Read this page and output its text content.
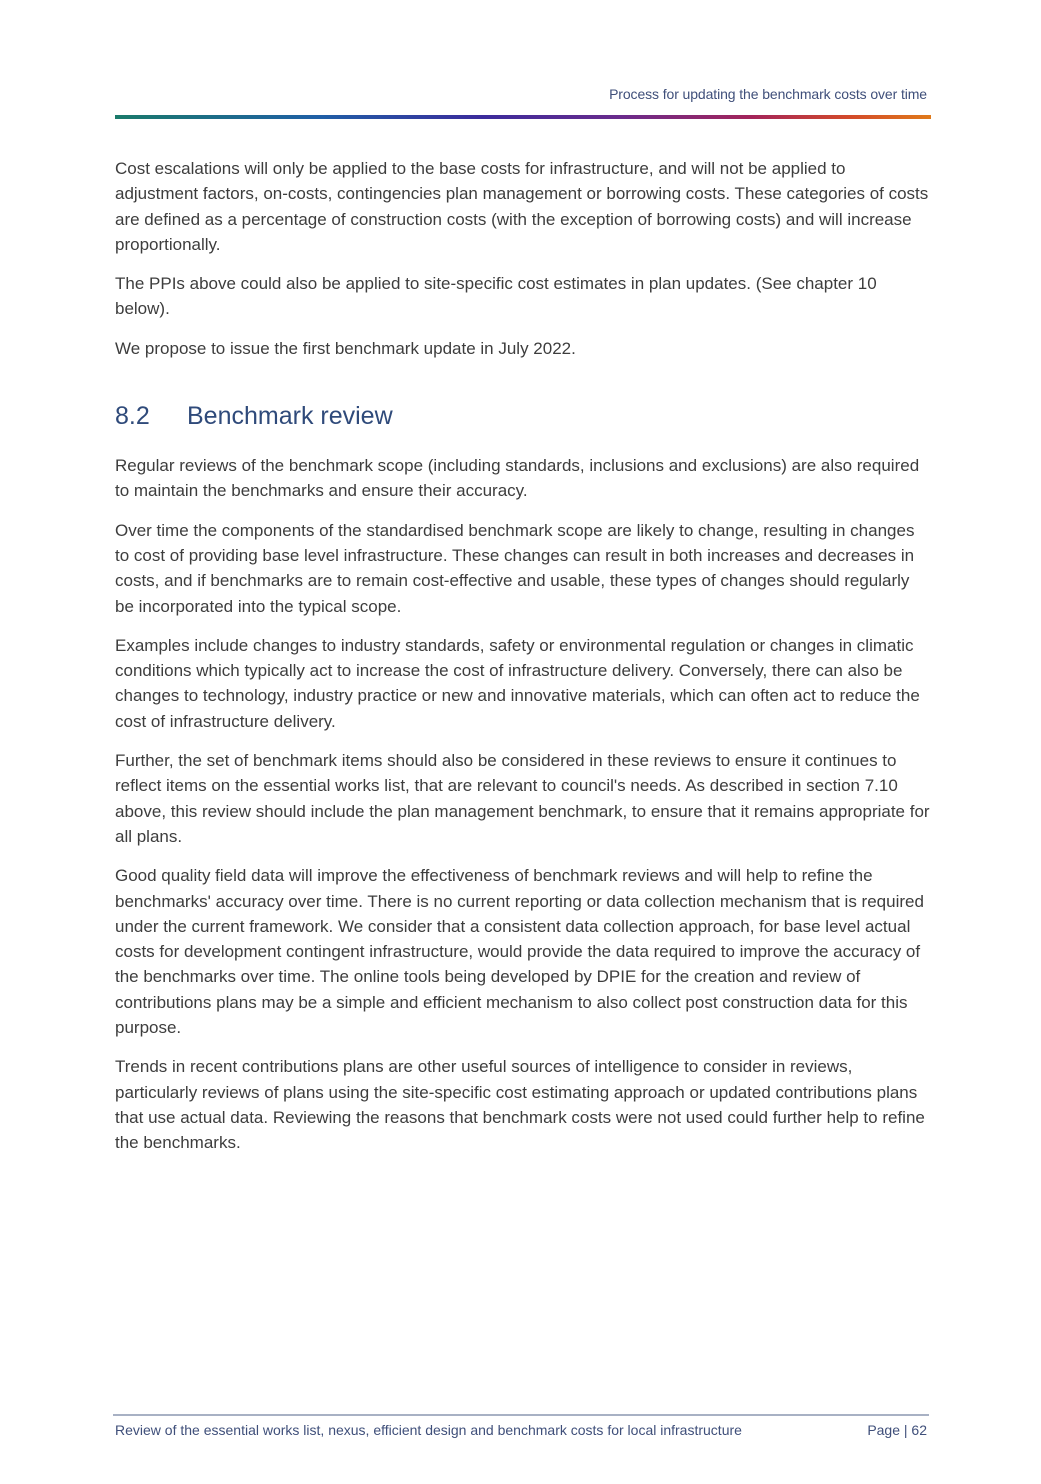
Process for updating the benchmark costs over time

Cost escalations will only be applied to the base costs for infrastructure, and will not be applied to adjustment factors, on-costs, contingencies plan management or borrowing costs. These categories of costs are defined as a percentage of construction costs (with the exception of borrowing costs) and will increase proportionally.

The PPIs above could also be applied to site-specific cost estimates in plan updates. (See chapter 10 below).

We propose to issue the first benchmark update in July 2022.

8.2	Benchmark review

Regular reviews of the benchmark scope (including standards, inclusions and exclusions) are also required to maintain the benchmarks and ensure their accuracy.

Over time the components of the standardised benchmark scope are likely to change, resulting in changes to cost of providing base level infrastructure. These changes can result in both increases and decreases in costs, and if benchmarks are to remain cost-effective and usable, these types of changes should regularly be incorporated into the typical scope.

Examples include changes to industry standards, safety or environmental regulation or changes in climatic conditions which typically act to increase the cost of infrastructure delivery. Conversely, there can also be changes to technology, industry practice or new and innovative materials, which can often act to reduce the cost of infrastructure delivery.

Further, the set of benchmark items should also be considered in these reviews to ensure it continues to reflect items on the essential works list, that are relevant to council's needs. As described in section 7.10 above, this review should include the plan management benchmark, to ensure that it remains appropriate for all plans.

Good quality field data will improve the effectiveness of benchmark reviews and will help to refine the benchmarks' accuracy over time. There is no current reporting or data collection mechanism that is required under the current framework. We consider that a consistent data collection approach, for base level actual costs for development contingent infrastructure, would provide the data required to improve the accuracy of the benchmarks over time. The online tools being developed by DPIE for the creation and review of contributions plans may be a simple and efficient mechanism to also collect post construction data for this purpose.

Trends in recent contributions plans are other useful sources of intelligence to consider in reviews, particularly reviews of plans using the site-specific cost estimating approach or updated contributions plans that use actual data. Reviewing the reasons that benchmark costs were not used could further help to refine the benchmarks.

Review of the essential works list, nexus, efficient design and benchmark costs for local infrastructure	Page | 62
